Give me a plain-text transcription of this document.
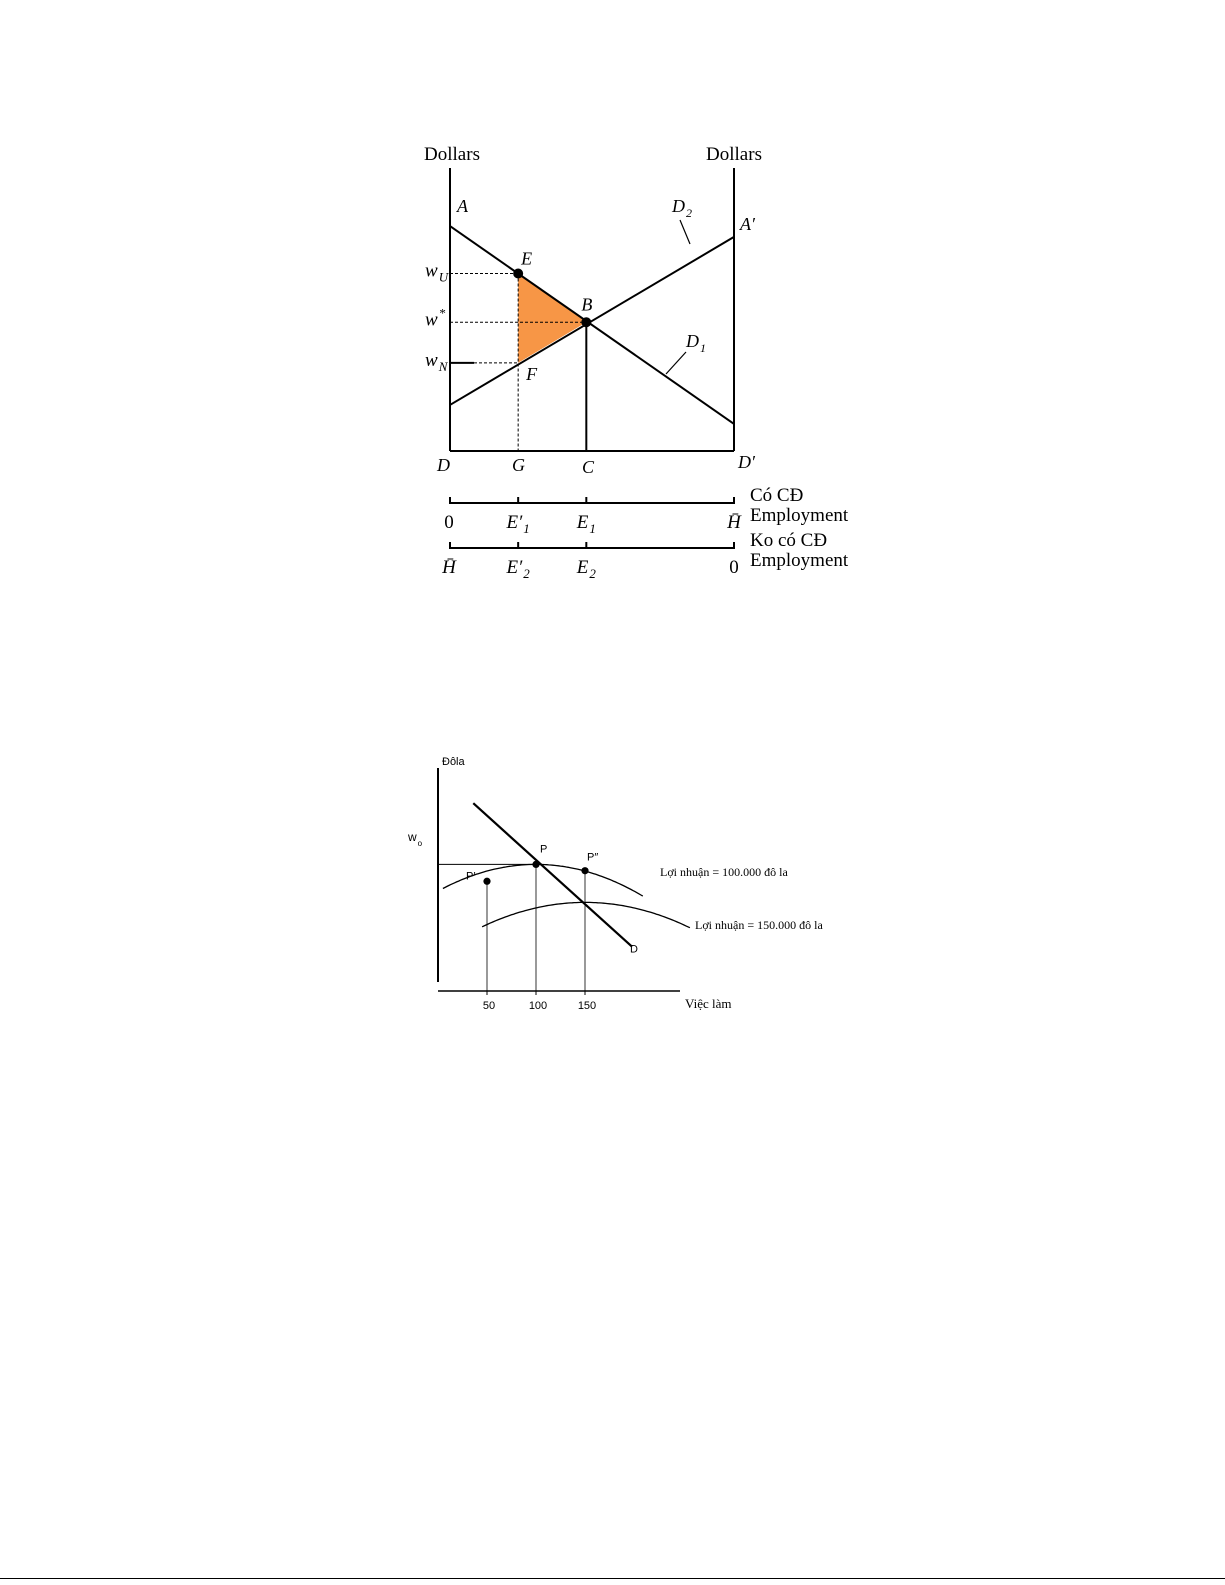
Dollars	Dollars
A
A′
D	D′
G	C
E
B
F
$D_2$
$D_1$
$w_U$
w*
$w_N$
0	$E'_1$ $E_1$	H̄
Có CĐ
Employment
H̄	$E'_2$ $E_2$	0
Ko có CĐ
Employment
D
P′
P
P″
50	100	150
Đôla
Việc làm
$w_o$
Lợi nhuận = 100.000 đô la
Lợi nhuận = 150.000 đô la
